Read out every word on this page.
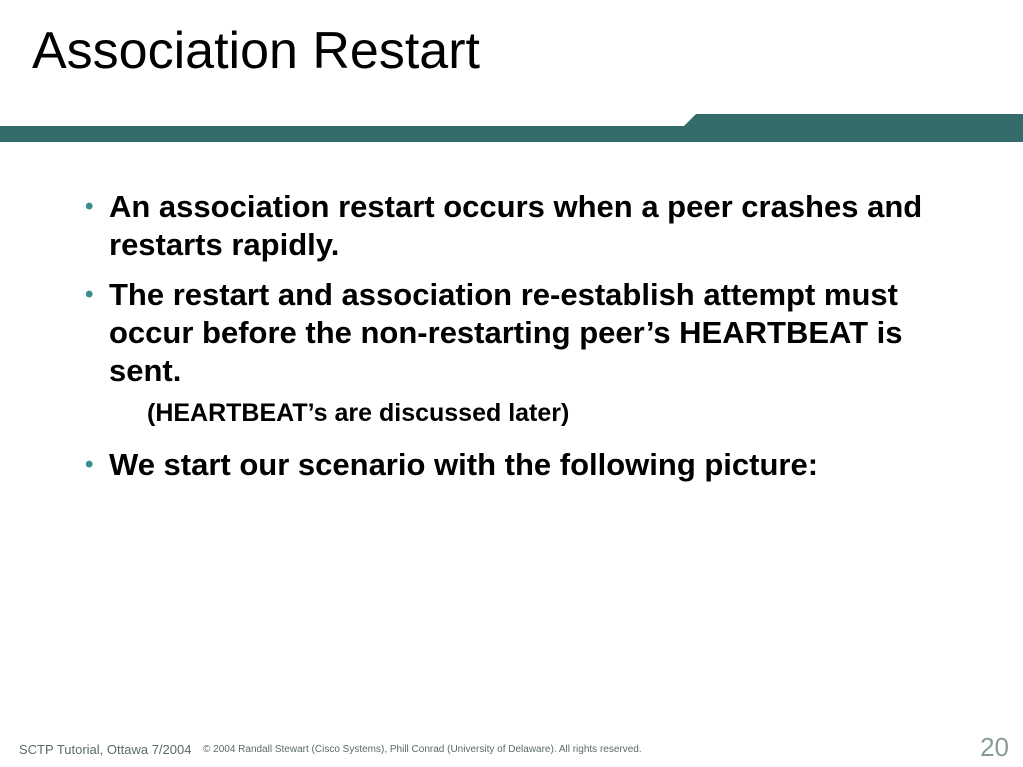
Association Restart
• An association restart occurs when a peer crashes and restarts rapidly.
• The restart and association re-establish attempt must occur before the non-restarting peer’s HEARTBEAT is sent.
(HEARTBEAT’s are discussed later)
• We start our scenario with the following picture:
SCTP Tutorial, Ottawa 7/2004 © 2004 Randall Stewart (Cisco Systems), Phill Conrad (University of Delaware). All rights reserved.	20
